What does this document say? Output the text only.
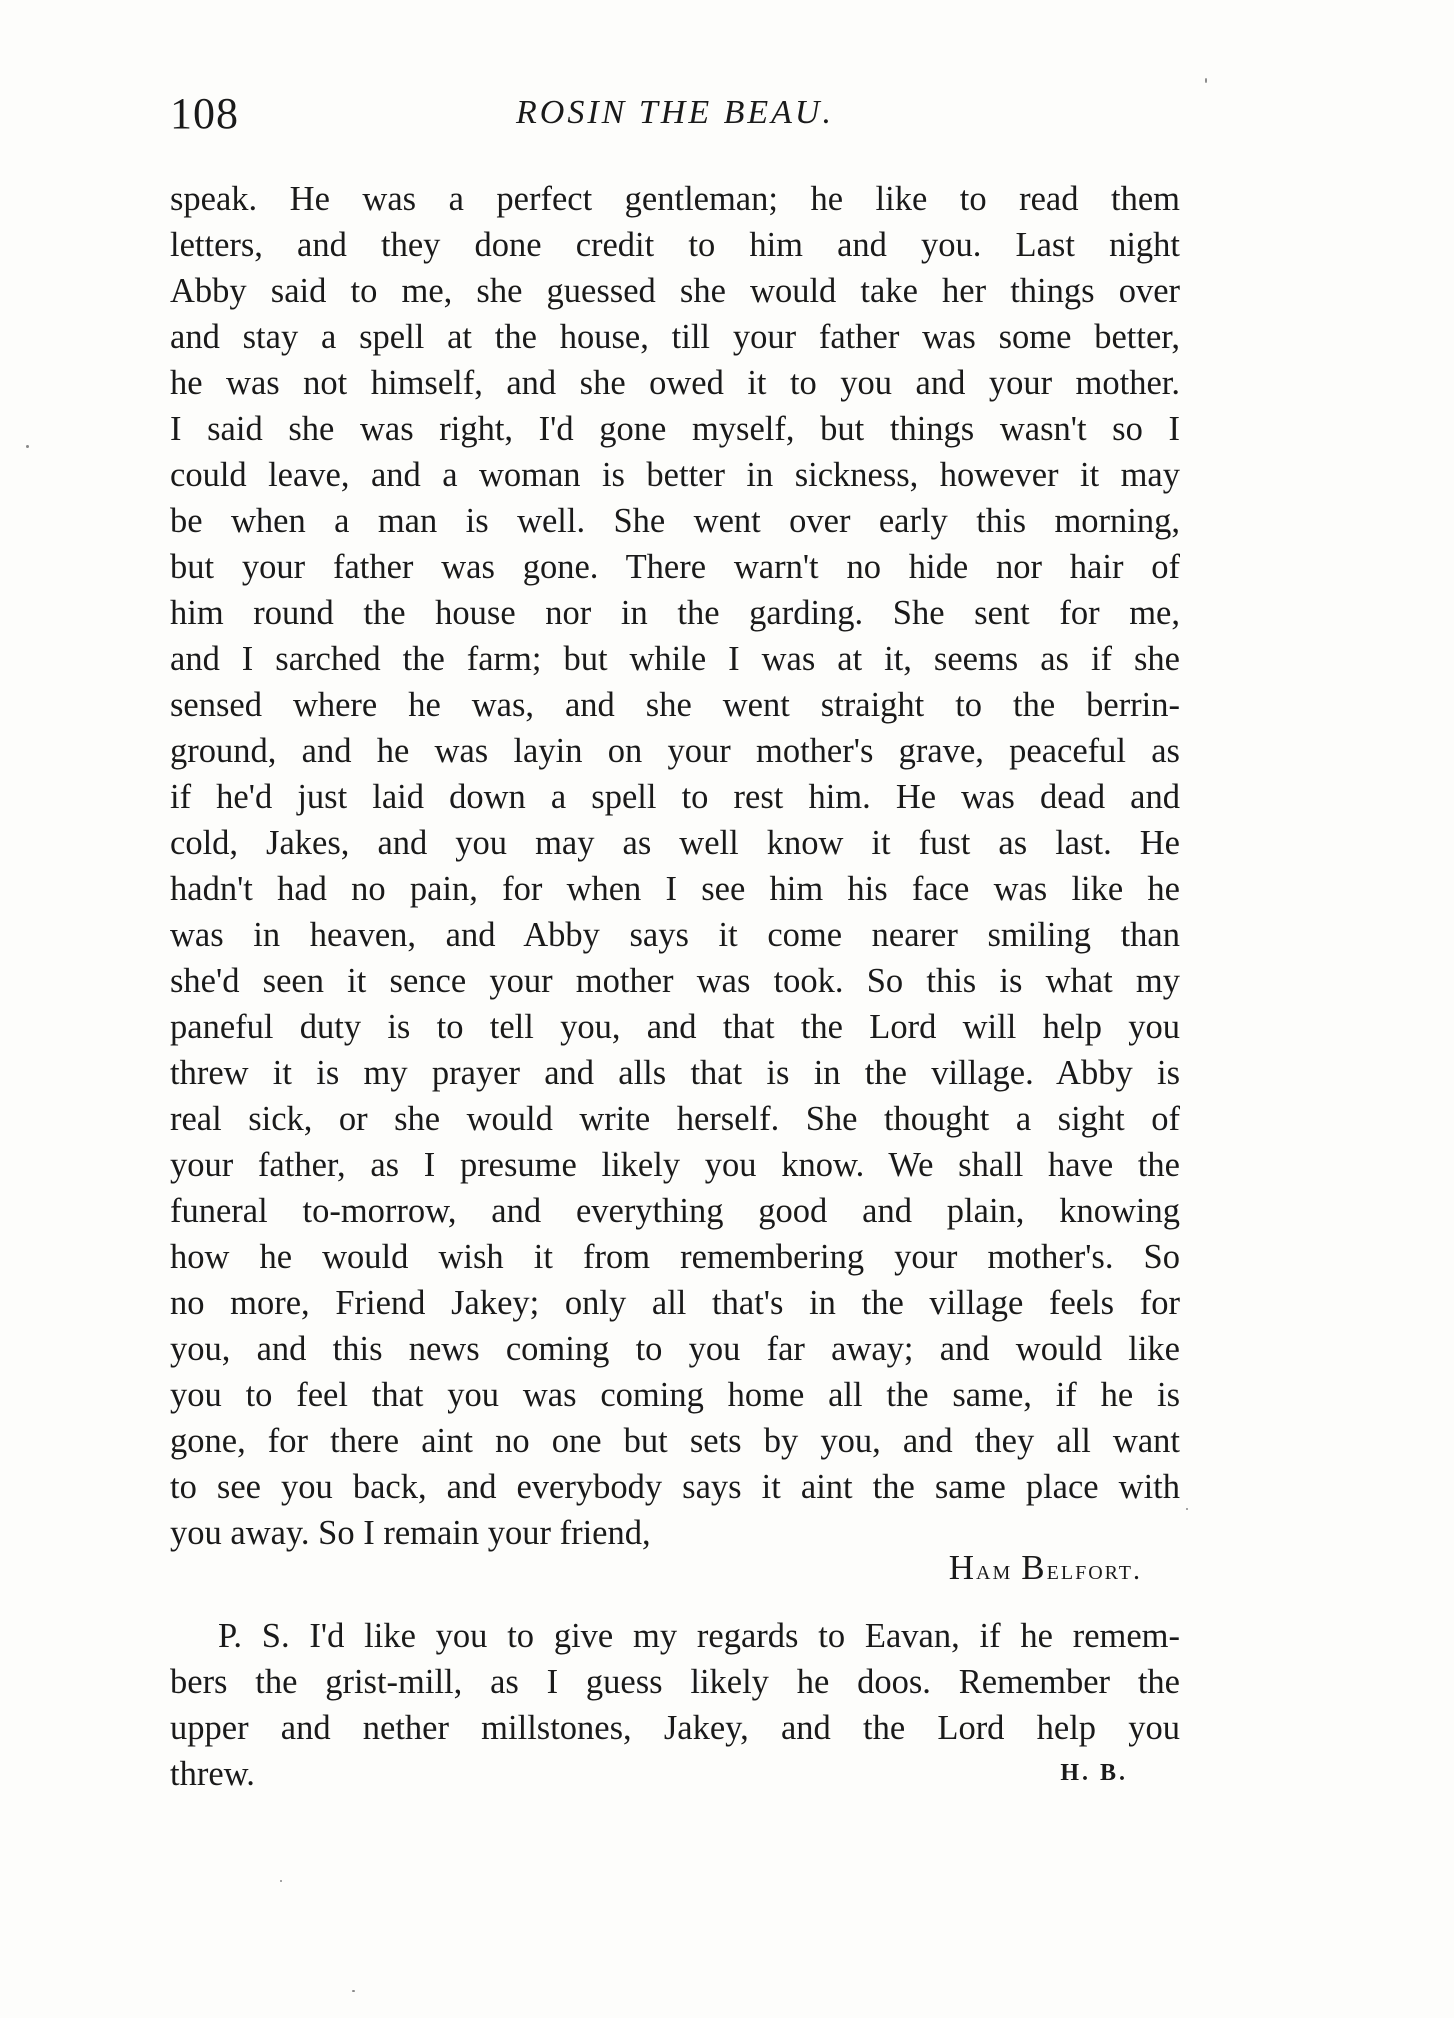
108	ROSIN THE BEAU.
speak. He was a perfect gentleman; he like to read them
letters, and they done credit to him and you. Last night
Abby said to me, she guessed she would take her things over
and stay a spell at the house, till your father was some better,
he was not himself, and she owed it to you and your mother.
I said she was right, I'd gone myself, but things wasn't so I
could leave, and a woman is better in sickness, however it may
be when a man is well. She went over early this morning,
but your father was gone. There warn't no hide nor hair of
him round the house nor in the garding. She sent for me,
and I sarched the farm; but while I was at it, seems as if she
sensed where he was, and she went straight to the berrin-
ground, and he was layin on your mother's grave, peaceful as
if he'd just laid down a spell to rest him. He was dead and
cold, Jakes, and you may as well know it fust as last. He
hadn't had no pain, for when I see him his face was like he
was in heaven, and Abby says it come nearer smiling than
she'd seen it sence your mother was took. So this is what my
paneful duty is to tell you, and that the Lord will help you
threw it is my prayer and alls that is in the village. Abby is
real sick, or she would write herself. She thought a sight of
your father, as I presume likely you know. We shall have the
funeral to-morrow, and everything good and plain, knowing
how he would wish it from remembering your mother's. So
no more, Friend Jakey; only all that's in the village feels for
you, and this news coming to you far away; and would like
you to feel that you was coming home all the same, if he is
gone, for there aint no one but sets by you, and they all want
to see you back, and everybody says it aint the same place with
you away. So I remain your friend,
Ham Belfort.
P. S. I'd like you to give my regards to Eavan, if he remem-
bers the grist-mill, as I guess likely he doos. Remember the
upper and nether millstones, Jakey, and the Lord help you
threw.	H. B.
